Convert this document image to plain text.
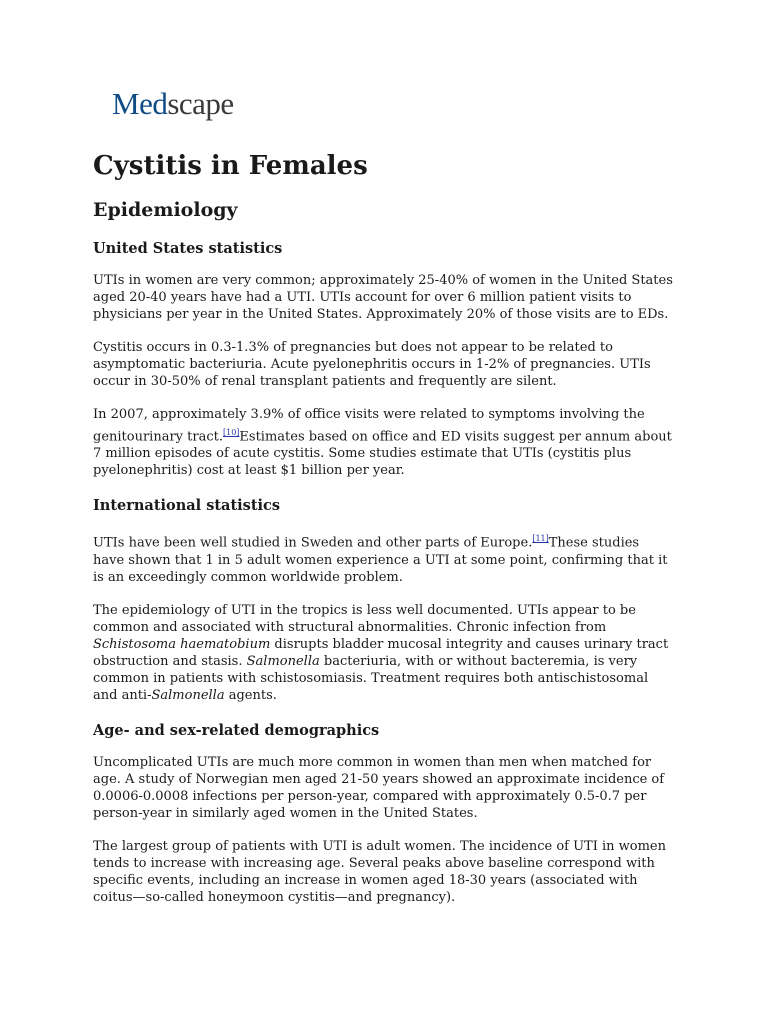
Medscape
Cystitis in Females
Epidemiology
United States statistics

UTIs in women are very common; approximately 25-40% of women in the United States aged 20-40 years have had a UTI. UTIs account for over 6 million patient visits to physicians per year in the United States. Approximately 20% of those visits are to EDs.

Cystitis occurs in 0.3-1.3% of pregnancies but does not appear to be related to asymptomatic bacteriuria. Acute pyelonephritis occurs in 1-2% of pregnancies. UTIs occur in 30-50% of renal transplant patients and frequently are silent.

In 2007, approximately 3.9% of office visits were related to symptoms involving the genitourinary tract.[10]Estimates based on office and ED visits suggest per annum about 7 million episodes of acute cystitis. Some studies estimate that UTIs (cystitis plus pyelonephritis) cost at least $1 billion per year.

International statistics

UTIs have been well studied in Sweden and other parts of Europe.[11]These studies have shown that 1 in 5 adult women experience a UTI at some point, confirming that it is an exceedingly common worldwide problem.

The epidemiology of UTI in the tropics is less well documented. UTIs appear to be common and associated with structural abnormalities. Chronic infection from Schistosoma haematobium disrupts bladder mucosal integrity and causes urinary tract obstruction and stasis. Salmonella bacteriuria, with or without bacteremia, is very common in patients with schistosomiasis. Treatment requires both antischistosomal and anti-Salmonella agents.

Age- and sex-related demographics

Uncomplicated UTIs are much more common in women than men when matched for age. A study of Norwegian men aged 21-50 years showed an approximate incidence of 0.0006-0.0008 infections per person-year, compared with approximately 0.5-0.7 per person-year in similarly aged women in the United States.

The largest group of patients with UTI is adult women. The incidence of UTI in women tends to increase with increasing age. Several peaks above baseline correspond with specific events, including an increase in women aged 18-30 years (associated with coitus—so-called honeymoon cystitis—and pregnancy).
